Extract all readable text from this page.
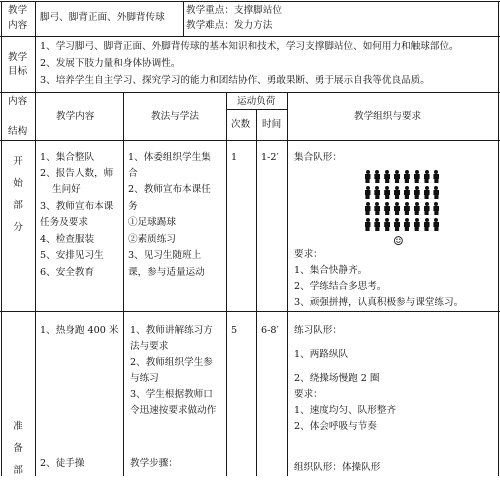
教学
内容
脚弓、脚背正面、外脚背传球
教学重点：支撑脚站位
教学难点：发力方法
教学
目标
1、学习脚弓、脚背正面、外脚背传球的基本知识和技术，学习支撑脚站位、如何用力和触球部位。
2、发展下肢力量和身体协调性。
3、培养学生自主学习、探究学习的能力和团结协作、勇敢果断、勇于展示自我等优良品质。
内容
结构
教学内容	教法与学法
运动负荷
次数 时间
教学组织与要求
开
始
部
分
1、集合整队
2、报告人数，师
生问好
3、教师宣布本课
任务及要求
4、检查服装
5、安排见习生
6、安全教育
1、体委组织学生集
合
2、教师宣布本课任
务
①足球踢球
②素质练习
3、见习生随班上
课，参与适量运动
1 1-2′ 集合队形：
☺
要求：
1、集合快静齐。
2、学练结合多思考。
3、顽强拼搏，认真积极参与课堂练习。
准
备
部
1、热身跑 400 米
2、徒手操
1、教师讲解练习方
法与要求
2、教师组织学生参
与练习
3、学生根据教师口
令迅速按要求做动作
教学步骤：
5 6-8′ 练习队形：
1、两路纵队
2、绕操场慢跑 2 圈
要求：
1、速度均匀、队形整齐
2、体会呼吸与节奏
组织队形：体操队形
